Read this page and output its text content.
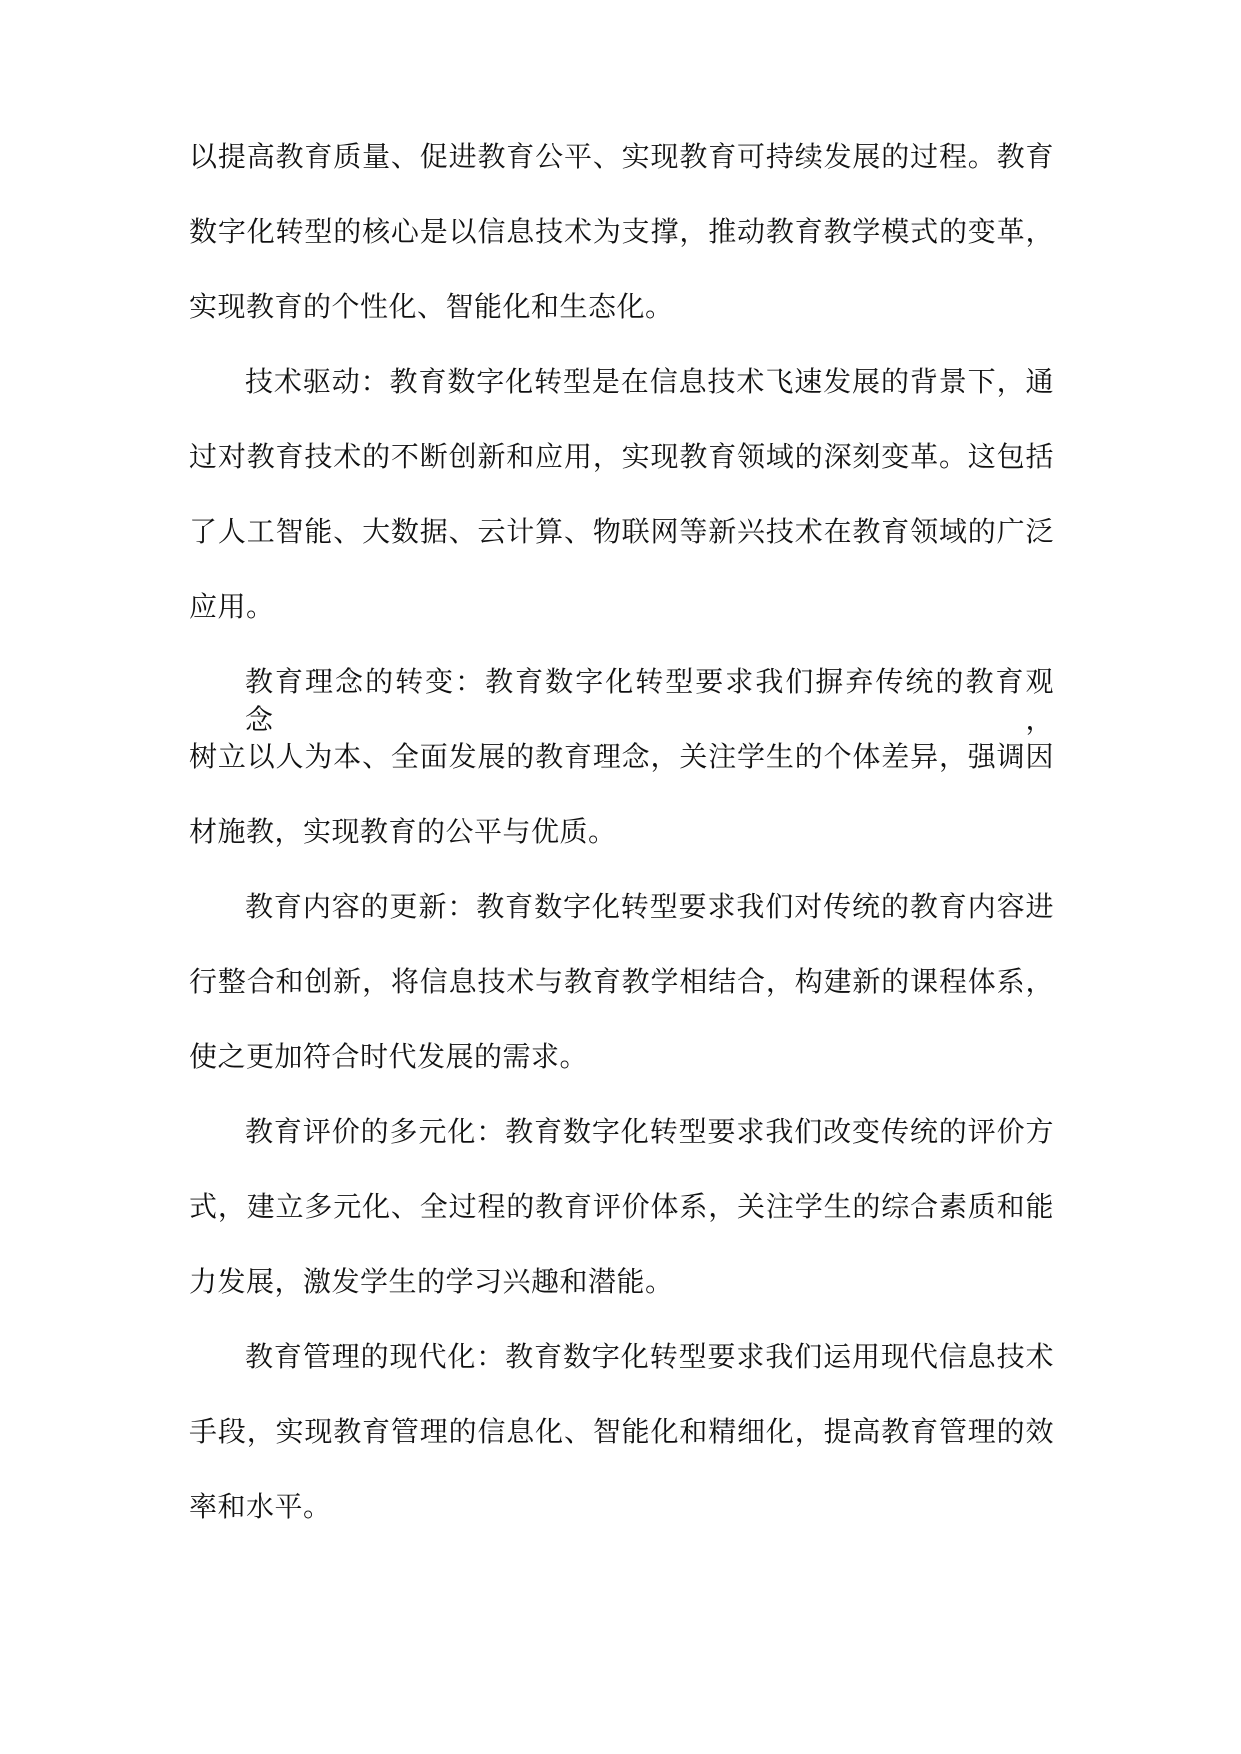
以提高教育质量、促进教育公平、实现教育可持续发展的过程。教育
数字化转型的核心是以信息技术为支撑，推动教育教学模式的变革，
实现教育的个性化、智能化和生态化。
技术驱动：教育数字化转型是在信息技术飞速发展的背景下，通
过对教育技术的不断创新和应用，实现教育领域的深刻变革。这包括
了人工智能、大数据、云计算、物联网等新兴技术在教育领域的广泛
应用。
教育理念的转变：教育数字化转型要求我们摒弃传统的教育观念，
树立以人为本、全面发展的教育理念，关注学生的个体差异，强调因
材施教，实现教育的公平与优质。
教育内容的更新：教育数字化转型要求我们对传统的教育内容进
行整合和创新，将信息技术与教育教学相结合，构建新的课程体系，
使之更加符合时代发展的需求。
教育评价的多元化：教育数字化转型要求我们改变传统的评价方
式，建立多元化、全过程的教育评价体系，关注学生的综合素质和能
力发展，激发学生的学习兴趣和潜能。
教育管理的现代化：教育数字化转型要求我们运用现代信息技术
手段，实现教育管理的信息化、智能化和精细化，提高教育管理的效
率和水平。
